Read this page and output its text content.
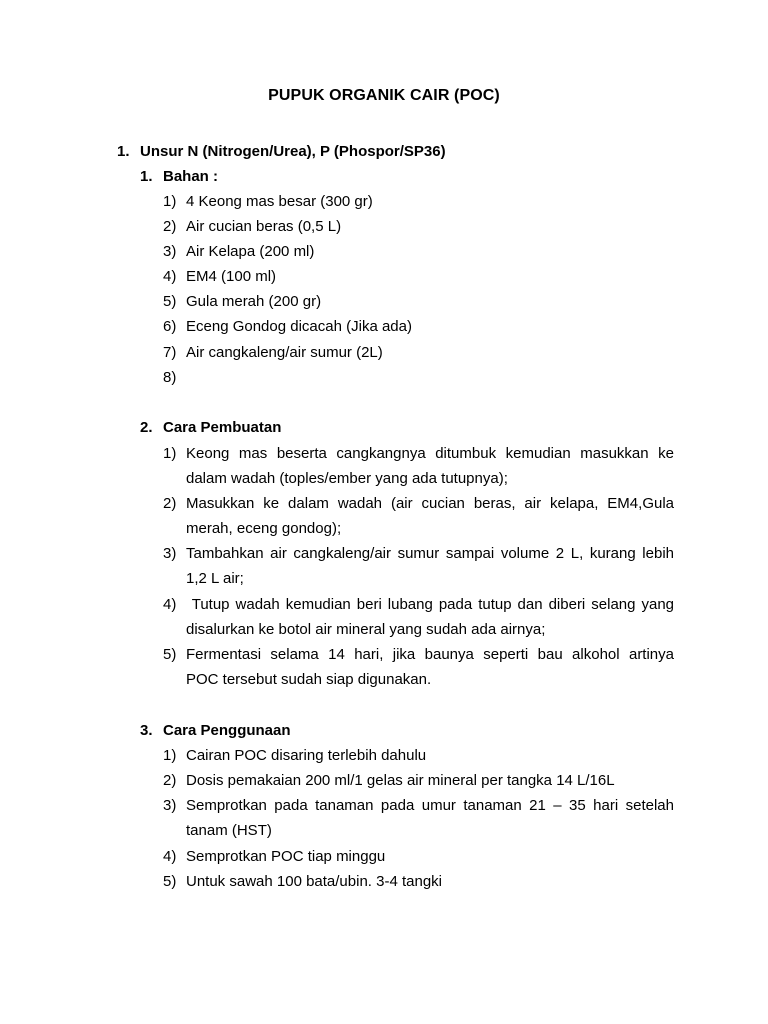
PUPUK ORGANIK CAIR (POC)
1. Unsur N (Nitrogen/Urea), P (Phospor/SP36)
1. Bahan :
1) 4 Keong mas besar (300 gr)
2) Air cucian beras (0,5 L)
3) Air Kelapa (200 ml)
4) EM4 (100 ml)
5) Gula merah (200 gr)
6) Eceng Gondog dicacah (Jika ada)
7) Air cangkaleng/air sumur (2L)
8)
2. Cara Pembuatan
1) Keong mas beserta cangkangnya ditumbuk kemudian masukkan ke
dalam wadah (toples/ember yang ada tutupnya);
2) Masukkan ke dalam wadah (air cucian beras, air kelapa, EM4,Gula
merah, eceng gondog);
3) Tambahkan air cangkaleng/air sumur sampai volume 2 L, kurang lebih
1,2 L air;
4) Tutup wadah kemudian beri lubang pada tutup dan diberi selang yang
disalurkan ke botol air mineral yang sudah ada airnya;
5) Fermentasi selama 14 hari, jika baunya seperti bau alkohol artinya
POC tersebut sudah siap digunakan.
3. Cara Penggunaan
1) Cairan POC disaring terlebih dahulu
2) Dosis pemakaian 200 ml/1 gelas air mineral per tangka 14 L/16L
3) Semprotkan pada tanaman pada umur tanaman 21 – 35 hari setelah
tanam (HST)
4) Semprotkan POC tiap minggu
5) Untuk sawah 100 bata/ubin. 3-4 tangki
